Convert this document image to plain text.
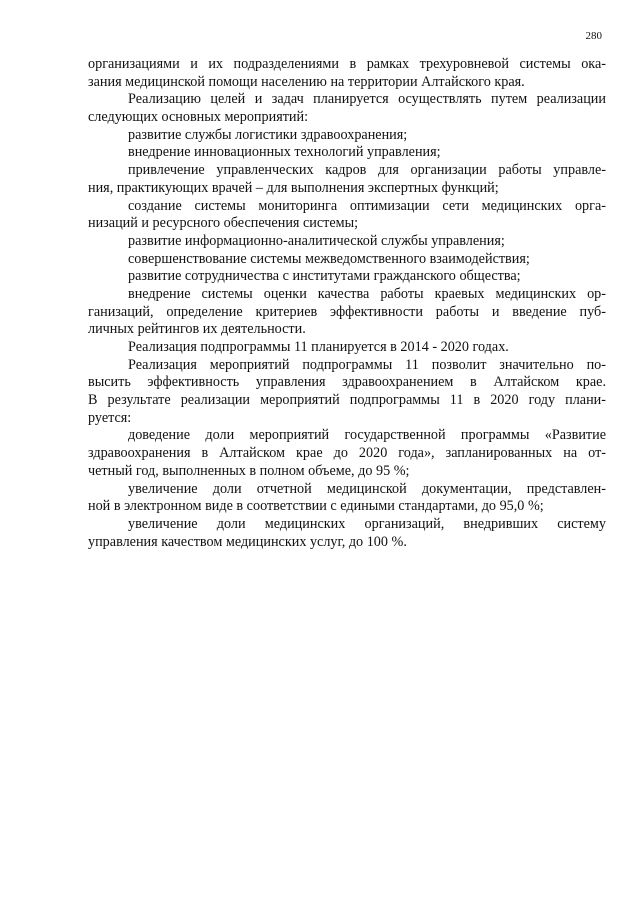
280
организациями и их подразделениями в рамках трехуровневой системы ока-
зания медицинской помощи населению на территории Алтайского края.
Реализацию целей и задач планируется осуществлять путем реализации
следующих основных мероприятий:
развитие службы логистики здравоохранения;
внедрение инновационных технологий управления;
привлечение управленческих кадров для организации работы управле-
ния, практикующих врачей – для выполнения экспертных функций;
создание системы мониторинга оптимизации сети медицинских орга-
низаций и ресурсного обеспечения системы;
развитие информационно-аналитической службы управления;
совершенствование системы межведомственного взаимодействия;
развитие сотрудничества с институтами гражданского общества;
внедрение системы оценки качества работы краевых медицинских ор-
ганизаций, определение критериев эффективности работы и введение пуб-
личных рейтингов их деятельности.
Реализация подпрограммы 11 планируется в 2014 - 2020 годах.
Реализация мероприятий подпрограммы 11 позволит значительно по-
высить эффективность управления здравоохранением в Алтайском крае.
В результате реализации мероприятий подпрограммы 11 в 2020 году плани-
руется:
доведение доли мероприятий государственной программы «Развитие
здравоохранения в Алтайском крае до 2020 года», запланированных на от-
четный год, выполненных в полном объеме, до 95 %;
увеличение доли отчетной медицинской документации, представлен-
ной в электронном виде в соответствии с едиными стандартами, до 95,0 %;
увеличение доли медицинских организаций, внедривших систему
управления качеством медицинских услуг, до 100 %.
